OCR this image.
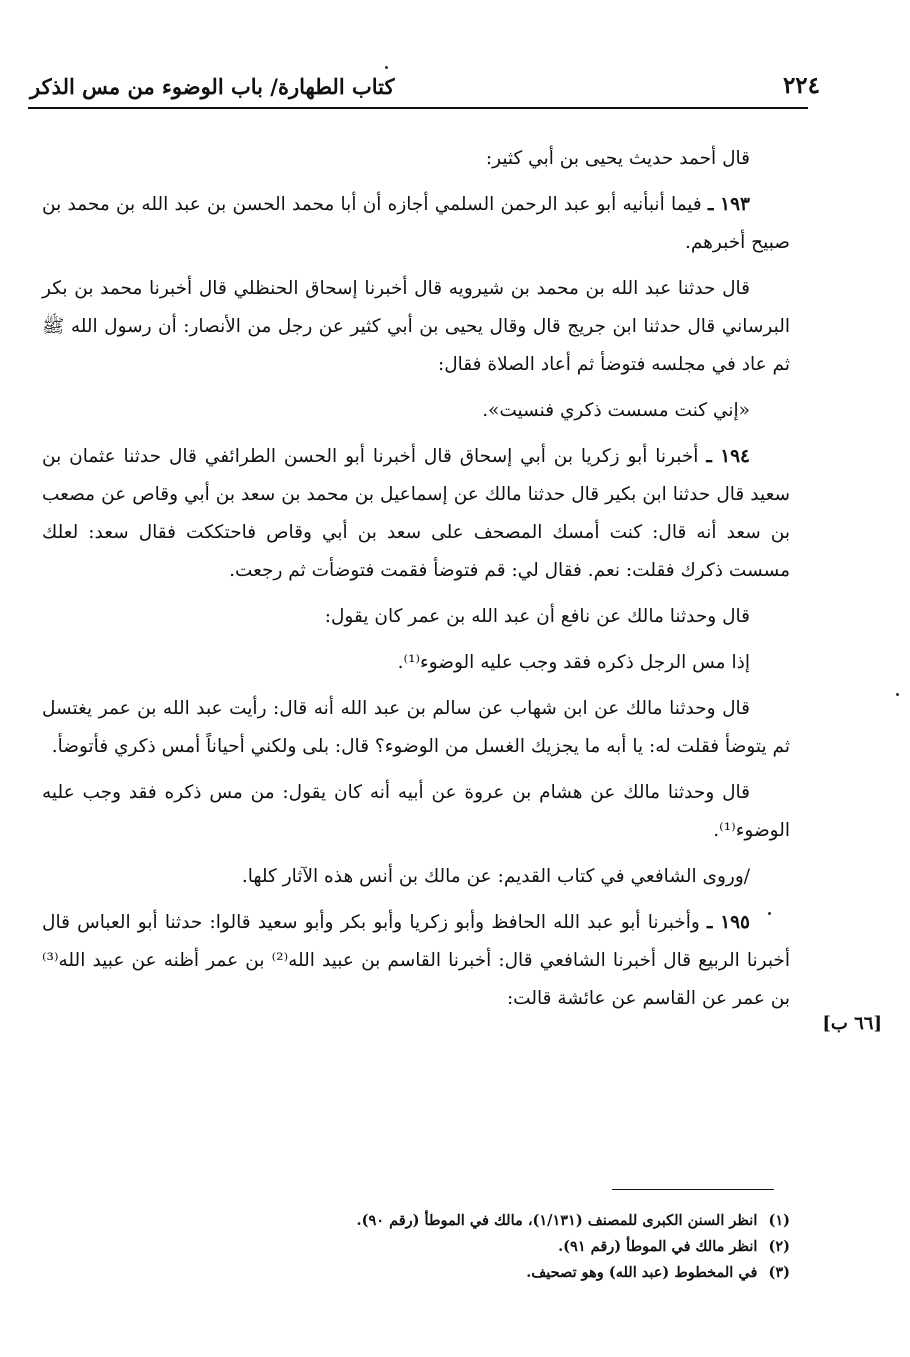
كتاب الطهارة/ باب الوضوء من مس الذكر	٢٢٤

قال أحمد حديث يحيى بن أبي كثير:

١٩٣ ـ فيما أنبأنيه أبو عبد الرحمن السلمي أجازه أن أبا محمد الحسن بن عبد الله بن محمد بن صبيح أخبرهم.

قال حدثنا عبد الله بن محمد بن شيرويه قال أخبرنا إسحاق الحنظلي قال أخبرنا محمد بن بكر البرساني قال حدثنا ابن جريج قال وقال يحيى بن أبي كثير عن رجل من الأنصار: أن رسول الله ﷺ ثم عاد في مجلسه فتوضأ ثم أعاد الصلاة فقال:

«إني كنت مسست ذكري فنسيت».

١٩٤ ـ أخبرنا أبو زكريا بن أبي إسحاق قال أخبرنا أبو الحسن الطرائفي قال حدثنا عثمان بن سعيد قال حدثنا ابن بكير قال حدثنا مالك عن إسماعيل بن محمد بن سعد بن أبي وقاص عن مصعب بن سعد أنه قال: كنت أمسك المصحف على سعد بن أبي وقاص فاحتككت فقال سعد: لعلك مسست ذكرك فقلت: نعم. فقال لي: قم فتوضأ فقمت فتوضأت ثم رجعت.

قال وحدثنا مالك عن نافع أن عبد الله بن عمر كان يقول:

إذا مس الرجل ذكره فقد وجب عليه الوضوء⁽¹⁾.

قال وحدثنا مالك عن ابن شهاب عن سالم بن عبد الله أنه قال: رأيت عبد الله بن عمر يغتسل ثم يتوضأ فقلت له: يا أبه ما يجزيك الغسل من الوضوء؟ قال: بلى ولكني أحياناً أمس ذكري فأتوضأ.

قال وحدثنا مالك عن هشام بن عروة عن أبيه أنه كان يقول: من مس ذكره فقد وجب عليه الوضوء⁽¹⁾.

/وروى الشافعي في كتاب القديم: عن مالك بن أنس هذه الآثار كلها.

١٩٥ ـ وأخبرنا أبو عبد الله الحافظ وأبو زكريا وأبو بكر وأبو سعيد قالوا: حدثنا أبو العباس قال أخبرنا الربيع قال أخبرنا الشافعي قال: أخبرنا القاسم بن عبيد الله⁽²⁾ بن عمر أظنه عن عبيد الله⁽³⁾ بن عمر عن القاسم عن عائشة قالت:

[٦٦ ب]
(١) انظر السنن الكبرى للمصنف (١/١٣١)، مالك في الموطأ (رقم ٩٠).
(٢) انظر مالك في الموطأ (رقم ٩١).
(٣) في المخطوط (عبد الله) وهو تصحيف.
